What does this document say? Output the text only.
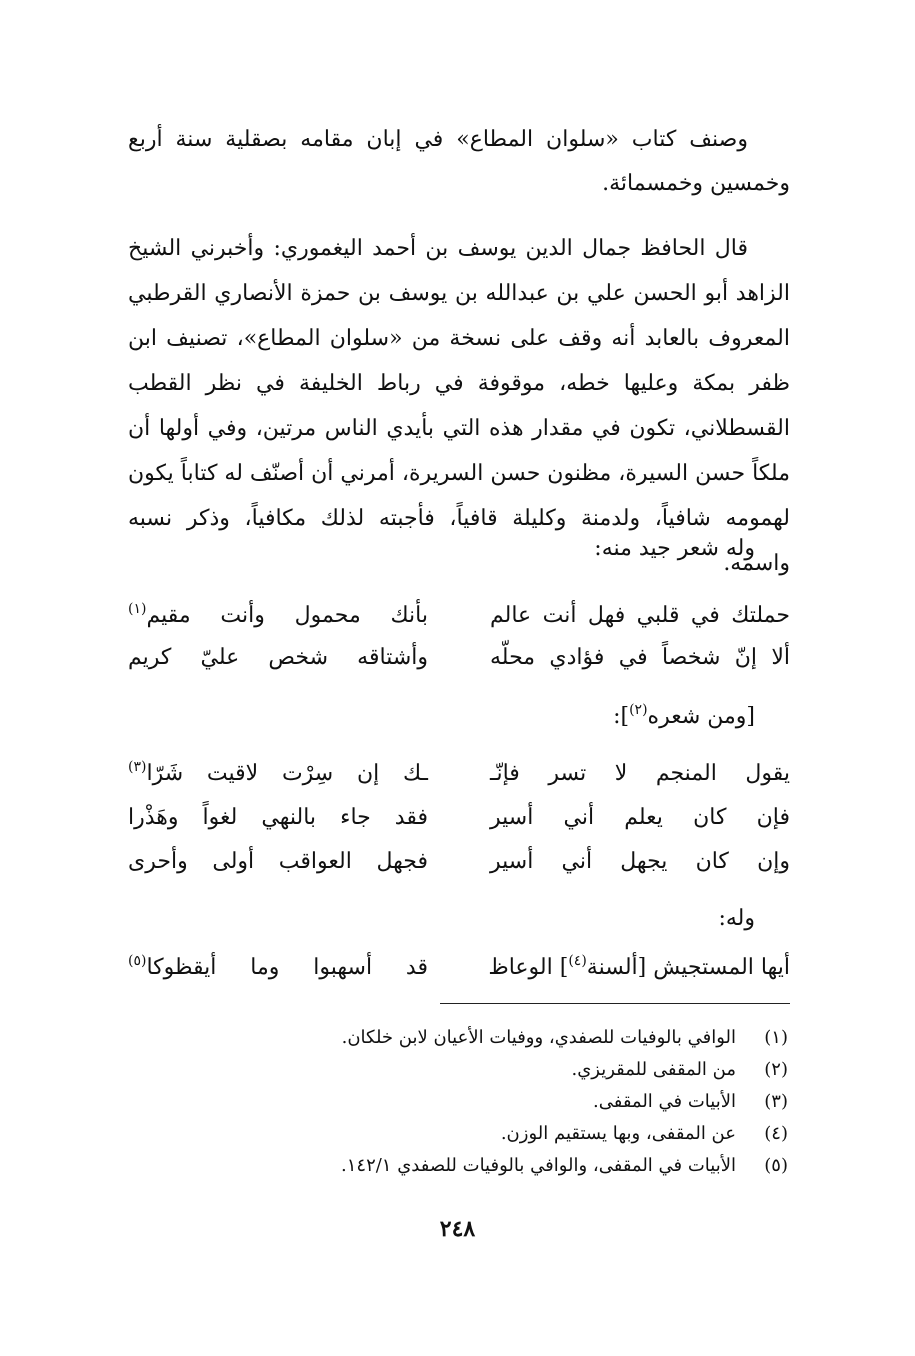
وصنف كتاب «سلوان المطاع» في إبان مقامه بصقلية سنة أربع وخمسين وخمسمائة.

قال الحافظ جمال الدين يوسف بن أحمد اليغموري: وأخبرني الشيخ الزاهد أبو الحسن علي بن عبدالله بن يوسف بن حمزة الأنصاري القرطبي المعروف بالعابد أنه وقف على نسخة من «سلوان المطاع»، تصنيف ابن ظفر بمكة وعليها خطه، موقوفة في رباط الخليفة في نظر القطب القسطلاني، تكون في مقدار هذه التي بأيدي الناس مرتين، وفي أولها أن ملكاً حسن السيرة، مظنون حسن السريرة، أمرني أن أصنّف له كتاباً يكون لهمومه شافياً، ولدمنة وكليلة قافياً، فأجبته لذلك مكافياً، وذكر نسبه واسمه.

وله شعر جيد منه:

حملتك في قلبي فهل أنت عالم
بأنك محمول وأنت مقيم$^{(١)}$
ألا إنّ شخصاً في فؤادي محلّه
وأشتاقه شخص عليّ كريم

[ومن شعره$^{(٢)}$]:

يقول المنجم لا تسر فإنّـ
ـك إن سِرْت لاقيت شَرّا$^{(٣)}$
فإن كان يعلم أني أسير
فقد جاء بالنهي لغواً وهَذْرا
وإن كان يجهل أني أسير
فجهل العواقب أولى وأحرى

وله:

أيها المستجيش [ألسنة$^{(٤)}$] الوعاظ
قد أسهبوا وما أيقظوكا$^{(٥)}$
(١)الوافي بالوفيات للصفدي، ووفيات الأعيان لابن خلكان.
(٢)من المقفى للمقريزي.
(٣)الأبيات في المقفى.
(٤)عن المقفى، وبها يستقيم الوزن.
(٥)الأبيات في المقفى، والوافي بالوفيات للصفدي ١٤٢/١.
٢٤٨
